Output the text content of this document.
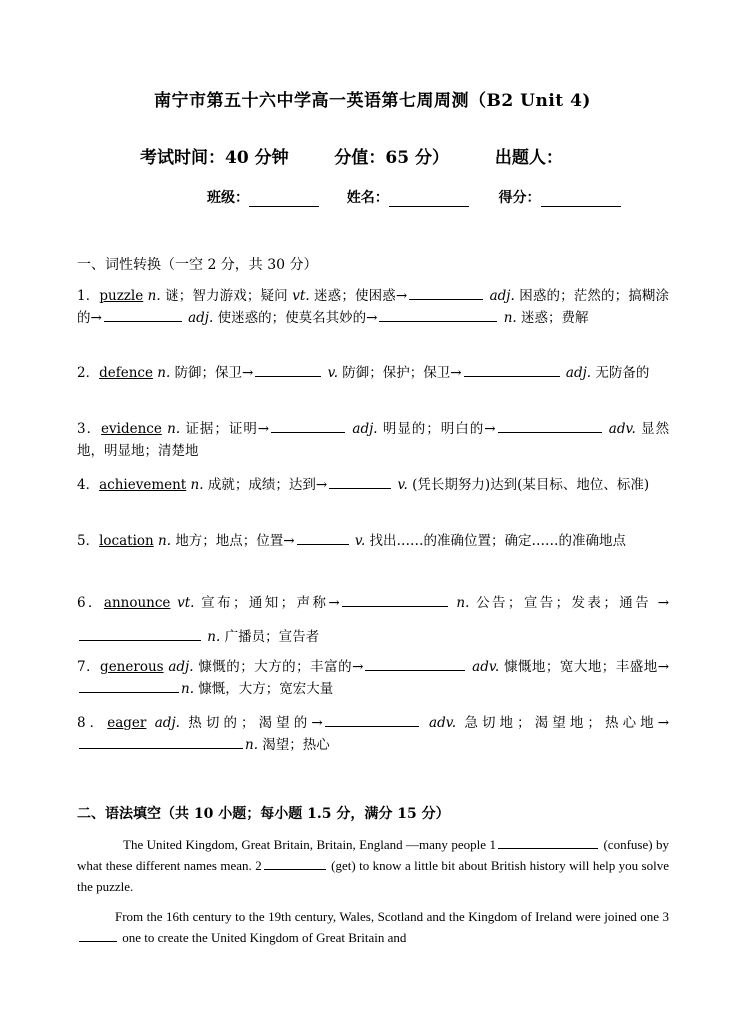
南宁市第五十六中学高一英语第七周周测（B2 Unit 4)
考试时间：40 分钟	分值：65 分）	出题人：
班级：	姓名：	得分：
一、词性转换（一空 2 分，共 30 分）
1．puzzle n. 谜；智力游戏；疑问 vt. 迷惑；使困惑→	adj. 困惑的；茫然的；搞糊涂的→	adj. 使迷惑的；使莫名其妙的→	n. 迷惑；费解
2．defence n. 防御；保卫→	v. 防御；保护；保卫→	adj. 无防备的
3．evidence n. 证据；证明→	adj. 明显的；明白的→	adv. 显然地，明显地；清楚地
4．achievement n. 成就；成绩；达到→	v. (凭长期努力)达到(某目标、地位、标准)
5．location n. 地方；地点；位置→	v. 找出……的准确位置；确定……的准确地点
6．announce vt. 宣布；通知；声称→	n. 公告；宣告；发表；通告 → n. 广播员；宣告者
7．generous adj. 慷慨的；大方的；丰富的→	adv. 慷慨地；宽大地；丰盛地→ n. 慷慨，大方；宽宏大量
8．eager adj. 热切的；渴望的→	adv. 急切地；渴望地；热心地→ n. 渴望；热心
二、语法填空（共 10 小题；每小题 1.5 分，满分 15 分）
The United Kingdom, Great Britain, Britain, England —many people 1	(confuse) by what these different names mean. 2	(get) to know a little bit about British history will help you solve the puzzle.
From the 16th century to the 19th century, Wales, Scotland and the Kingdom of Ireland were joined one 3 one to create the United Kingdom of Great Britain and
